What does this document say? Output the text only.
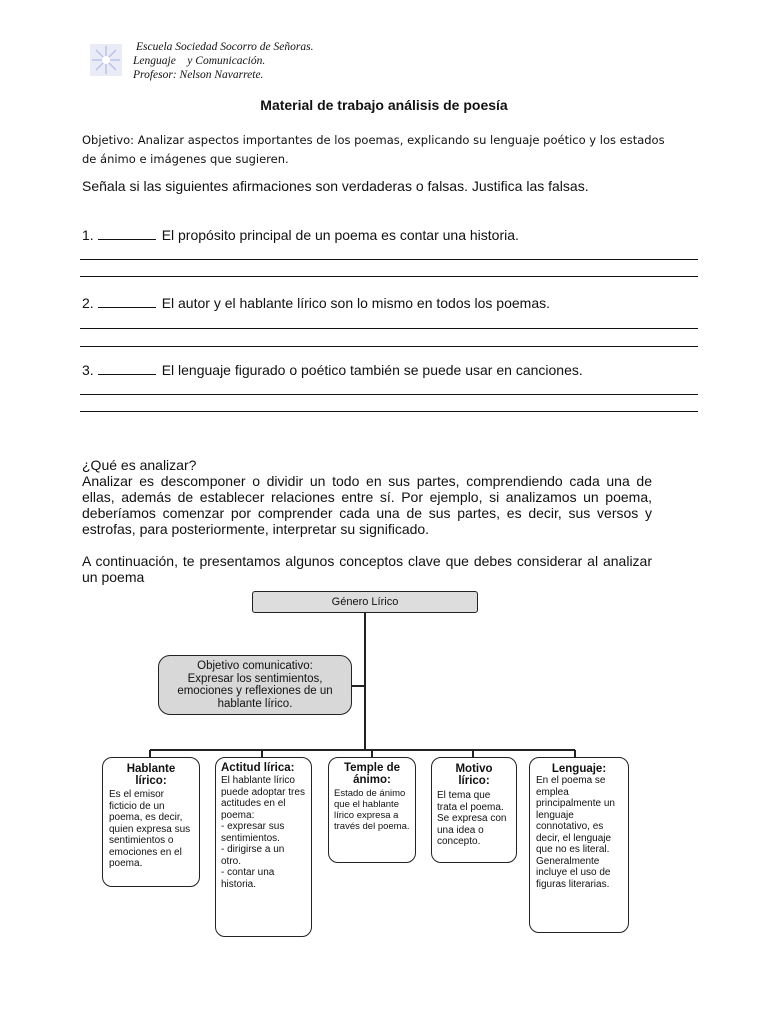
Escuela Sociedad Socorro de Señoras.
Lenguaje    y Comunicación.
Profesor: Nelson Navarrete.
Material de trabajo análisis de poesía
Objetivo: Analizar aspectos importantes de los poemas, explicando su lenguaje poético y los estados de ánimo e imágenes que sugieren.
Señala si las siguientes afirmaciones son verdaderas o falsas. Justifica las falsas.
1.	El propósito principal de un poema es contar una historia.
2.	El autor y el hablante lírico son lo mismo en todos los poemas.
3.	El lenguaje figurado o poético también se puede usar en canciones.
¿Qué es analizar?
Analizar es descomponer o dividir un todo en sus partes, comprendiendo cada una de ellas, además de establecer relaciones entre sí. Por ejemplo, si analizamos un poema, deberíamos comenzar por comprender cada una de sus partes, es decir, sus versos y estrofas, para posteriormente, interpretar su significado.
A continuación, te presentamos algunos conceptos clave que debes considerar al analizar un poema
Género Lírico
Objetivo comunicativo:
Expresar los sentimientos, emociones y reflexiones de un hablante lírico.
Hablante lírico:
Es el emisor ficticio de un poema, es decir, quien expresa sus sentimientos o emociones en el poema.
Actitud lírica:
El hablante lírico puede adoptar tres actitudes en el poema:
- expresar sus sentimientos.
- dirigirse a un otro.
- contar una historia.
Temple de ánimo:
Estado de ánimo que el hablante lírico expresa a través del poema.
Motivo lírico:
El tema que trata el poema. Se expresa con una idea o concepto.
Lenguaje:
En el poema se emplea principalmente un lenguaje connotativo, es decir, el lenguaje que no es literal. Generalmente incluye el uso de figuras literarias.
